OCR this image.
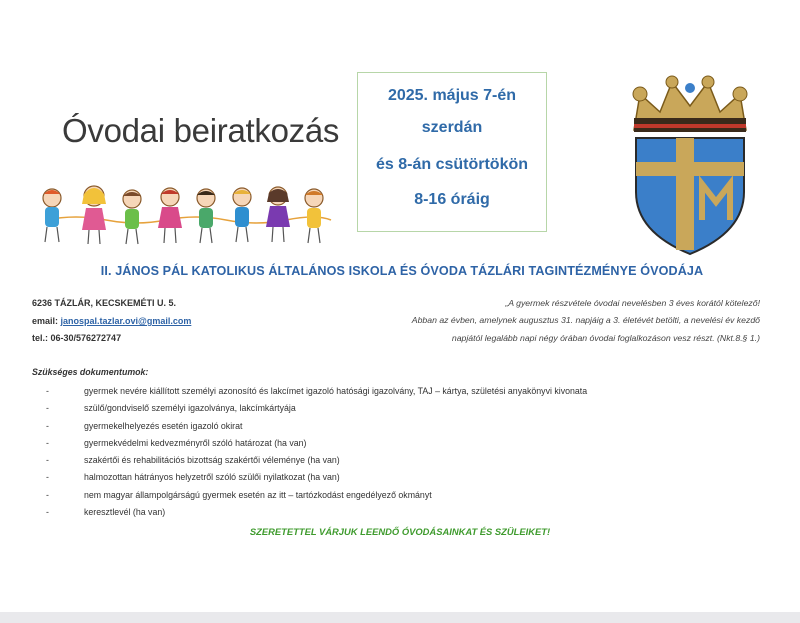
Óvodai beiratkozás
2025. május 7-én
szerdán
és 8-án csütörtökön
8-16 óráig
II. JÁNOS PÁL KATOLIKUS ÁLTALÁNOS ISKOLA ÉS ÓVODA TÁZLÁRI TAGINTÉZMÉNYE ÓVODÁJA
6236 TÁZLÁR, KECSKEMÉTI U. 5.
email: janospal.tazlar.ovi@gmail.com
tel.: 06-30/576272747
„A gyermek részvétele óvodai nevelésben 3 éves korától kötelező!
Abban az évben, amelynek augusztus 31. napjáig a 3. életévét betölti, a nevelési év kezdő
napjától legalább napi négy órában óvodai foglalkozáson vesz részt. (Nkt.8.§ 1.)
Szükséges dokumentumok:
-	gyermek nevére kiállított személyi azonosító és lakcímet igazoló hatósági igazolvány, TAJ – kártya, születési anyakönyvi kivonata
-	szülő/gondviselő személyi igazolványa, lakcímkártyája
-	gyermekelhelyezés esetén igazoló okirat
-	gyermekvédelmi kedvezményről szóló határozat (ha van)
-	szakértői és rehabilitációs bizottság szakértői véleménye (ha van)
-	halmozottan hátrányos helyzetről szóló szülői nyilatkozat (ha van)
-	nem magyar állampolgárságú gyermek esetén az itt – tartózkodást engedélyező okmányt
-	keresztlevél (ha van)
SZERETETTEL VÁRJUK LEENDŐ ÓVODÁSAINKAT ÉS SZÜLEIKET!
